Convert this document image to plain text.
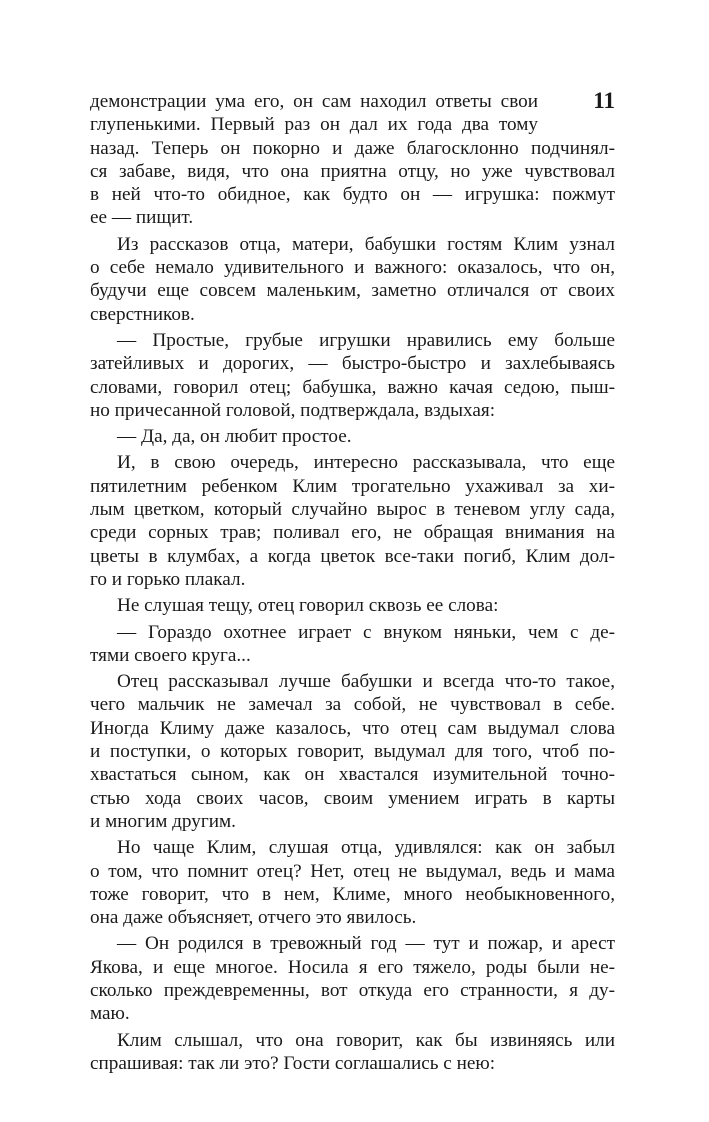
11
демонстрации ума его, он сам находил ответы свои
глупенькими. Первый раз он дал их года два тому
назад. Теперь он покорно и даже благосклонно подчинял-
ся забаве, видя, что она приятна отцу, но уже чувствовал
в ней что-то обидное, как будто он — игрушка: пожмут
ее — пищит.
Из рассказов отца, матери, бабушки гостям Клим узнал
о себе немало удивительного и важного: оказалось, что он,
будучи еще совсем маленьким, заметно отличался от своих
сверстников.
— Простые, грубые игрушки нравились ему больше
затейливых и дорогих, — быстро-быстро и захлебываясь
словами, говорил отец; бабушка, важно качая седою, пыш-
но причесанной головой, подтверждала, вздыхая:
— Да, да, он любит простое.
И, в свою очередь, интересно рассказывала, что еще
пятилетним ребенком Клим трогательно ухаживал за хи-
лым цветком, который случайно вырос в теневом углу сада,
среди сорных трав; поливал его, не обращая внимания на
цветы в клумбах, а когда цветок все-таки погиб, Клим дол-
го и горько плакал.
Не слушая тещу, отец говорил сквозь ее слова:
— Гораздо охотнее играет с внуком няньки, чем с де-
тями своего круга...
Отец рассказывал лучше бабушки и всегда что-то такое,
чего мальчик не замечал за собой, не чувствовал в себе.
Иногда Климу даже казалось, что отец сам выдумал слова
и поступки, о которых говорит, выдумал для того, чтоб по-
хвастаться сыном, как он хвастался изумительной точно-
стью хода своих часов, своим умением играть в карты
и многим другим.
Но чаще Клим, слушая отца, удивлялся: как он забыл
о том, что помнит отец? Нет, отец не выдумал, ведь и мама
тоже говорит, что в нем, Климе, много необыкновенного,
она даже объясняет, отчего это явилось.
— Он родился в тревожный год — тут и пожар, и арест
Якова, и еще многое. Носила я его тяжело, роды были не-
сколько преждевременны, вот откуда его странности, я ду-
маю.
Клим слышал, что она говорит, как бы извиняясь или
спрашивая: так ли это? Гости соглашались с нею:
